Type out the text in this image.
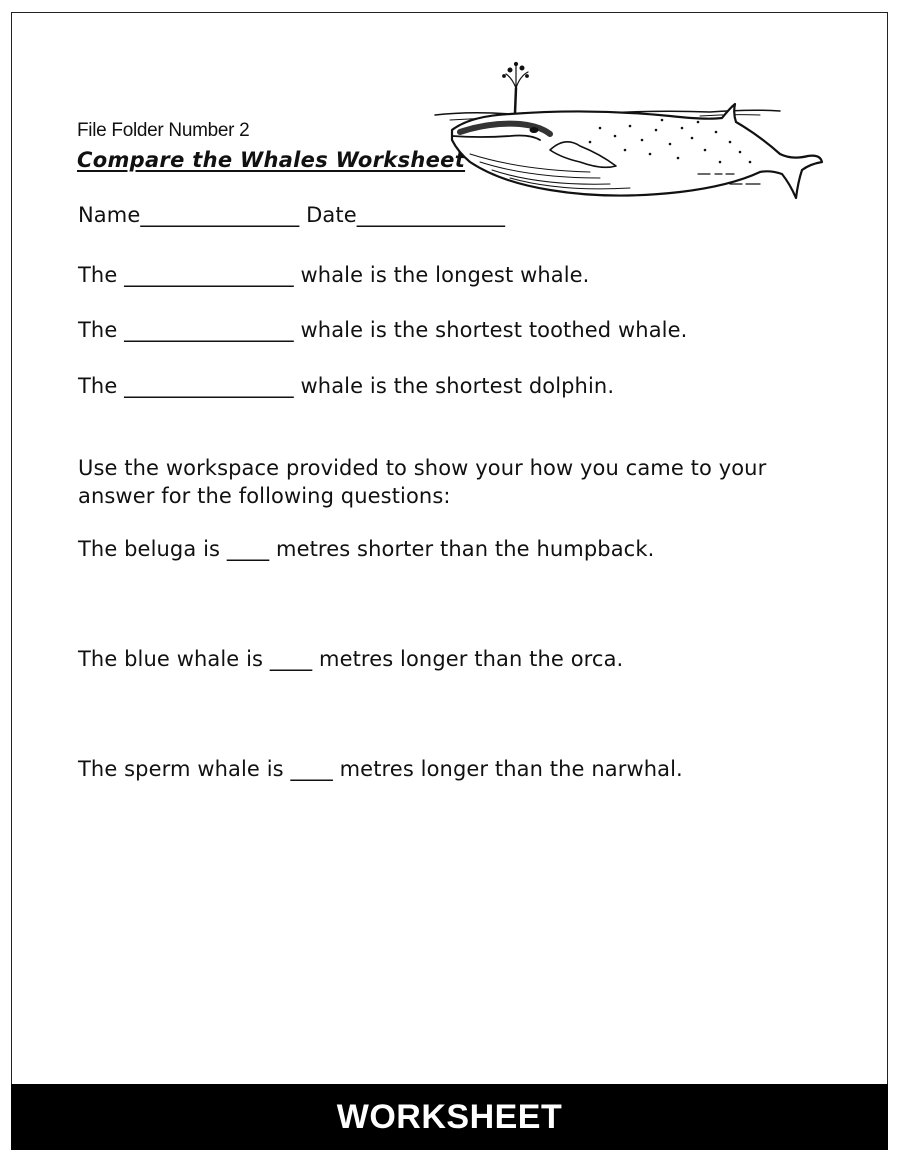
File Folder Number 2
Compare the Whales Worksheet
Name_______________ Date______________
The ________________ whale is the longest whale.
The ________________ whale is the shortest toothed whale.
The ________________ whale is the shortest dolphin.
Use the workspace provided to show your how you came to your
answer for the following questions:
The beluga is ____ metres shorter than the humpback.
The blue whale is ____ metres longer than the orca.
The sperm whale is ____ metres longer than the narwhal.
WORKSHEET
